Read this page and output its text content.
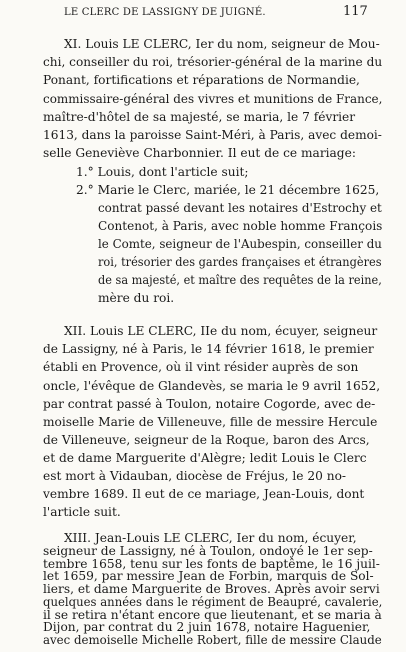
LE CLERC DE LASSIGNY DE JUIGNÉ.	117
XI. Louis LE CLERC, Ier du nom, seigneur de Mou-
chi, conseiller du roi, trésorier-général de la marine du
Ponant, fortifications et réparations de Normandie,
commissaire-général des vivres et munitions de France,
maître-d'hôtel de sa majesté, se maria, le 7 février
1613, dans la paroisse Saint-Méri, à Paris, avec demoi-
selle Geneviève Charbonnier. Il eut de ce mariage:
1.° Louis, dont l'article suit;
2.° Marie le Clerc, mariée, le 21 décembre 1625,
contrat passé devant les notaires d'Estrochy et
Contenot, à Paris, avec noble homme François
le Comte, seigneur de l'Aubespin, conseiller du
roi, trésorier des gardes françaises et étrangères
de sa majesté, et maître des requêtes de la reine,
mère du roi.
XII. Louis LE CLERC, IIe du nom, écuyer, seigneur
de Lassigny, né à Paris, le 14 février 1618, le premier
établi en Provence, où il vint résider auprès de son
oncle, l'évêque de Glandevès, se maria le 9 avril 1652,
par contrat passé à Toulon, notaire Cogorde, avec de-
moiselle Marie de Villeneuve, fille de messire Hercule
de Villeneuve, seigneur de la Roque, baron des Arcs,
et de dame Marguerite d'Alègre; ledit Louis le Clerc
est mort à Vidauban, diocèse de Fréjus, le 20 no-
vembre 1689. Il eut de ce mariage, Jean-Louis, dont
l'article suit.
XIII. Jean-Louis LE CLERC, Ier du nom, écuyer,
seigneur de Lassigny, né à Toulon, ondoyé le 1er sep-
tembre 1658, tenu sur les fonts de baptême, le 16 juil-
let 1659, par messire Jean de Forbin, marquis de Sol-
liers, et dame Marguerite de Broves. Après avoir servi
quelques années dans le régiment de Beaupré, cavalerie,
il se retira n'étant encore que lieutenant, et se maria à
Dijon, par contrat du 2 juin 1678, notaire Haguenier,
avec demoiselle Michelle Robert, fille de messire Claude
